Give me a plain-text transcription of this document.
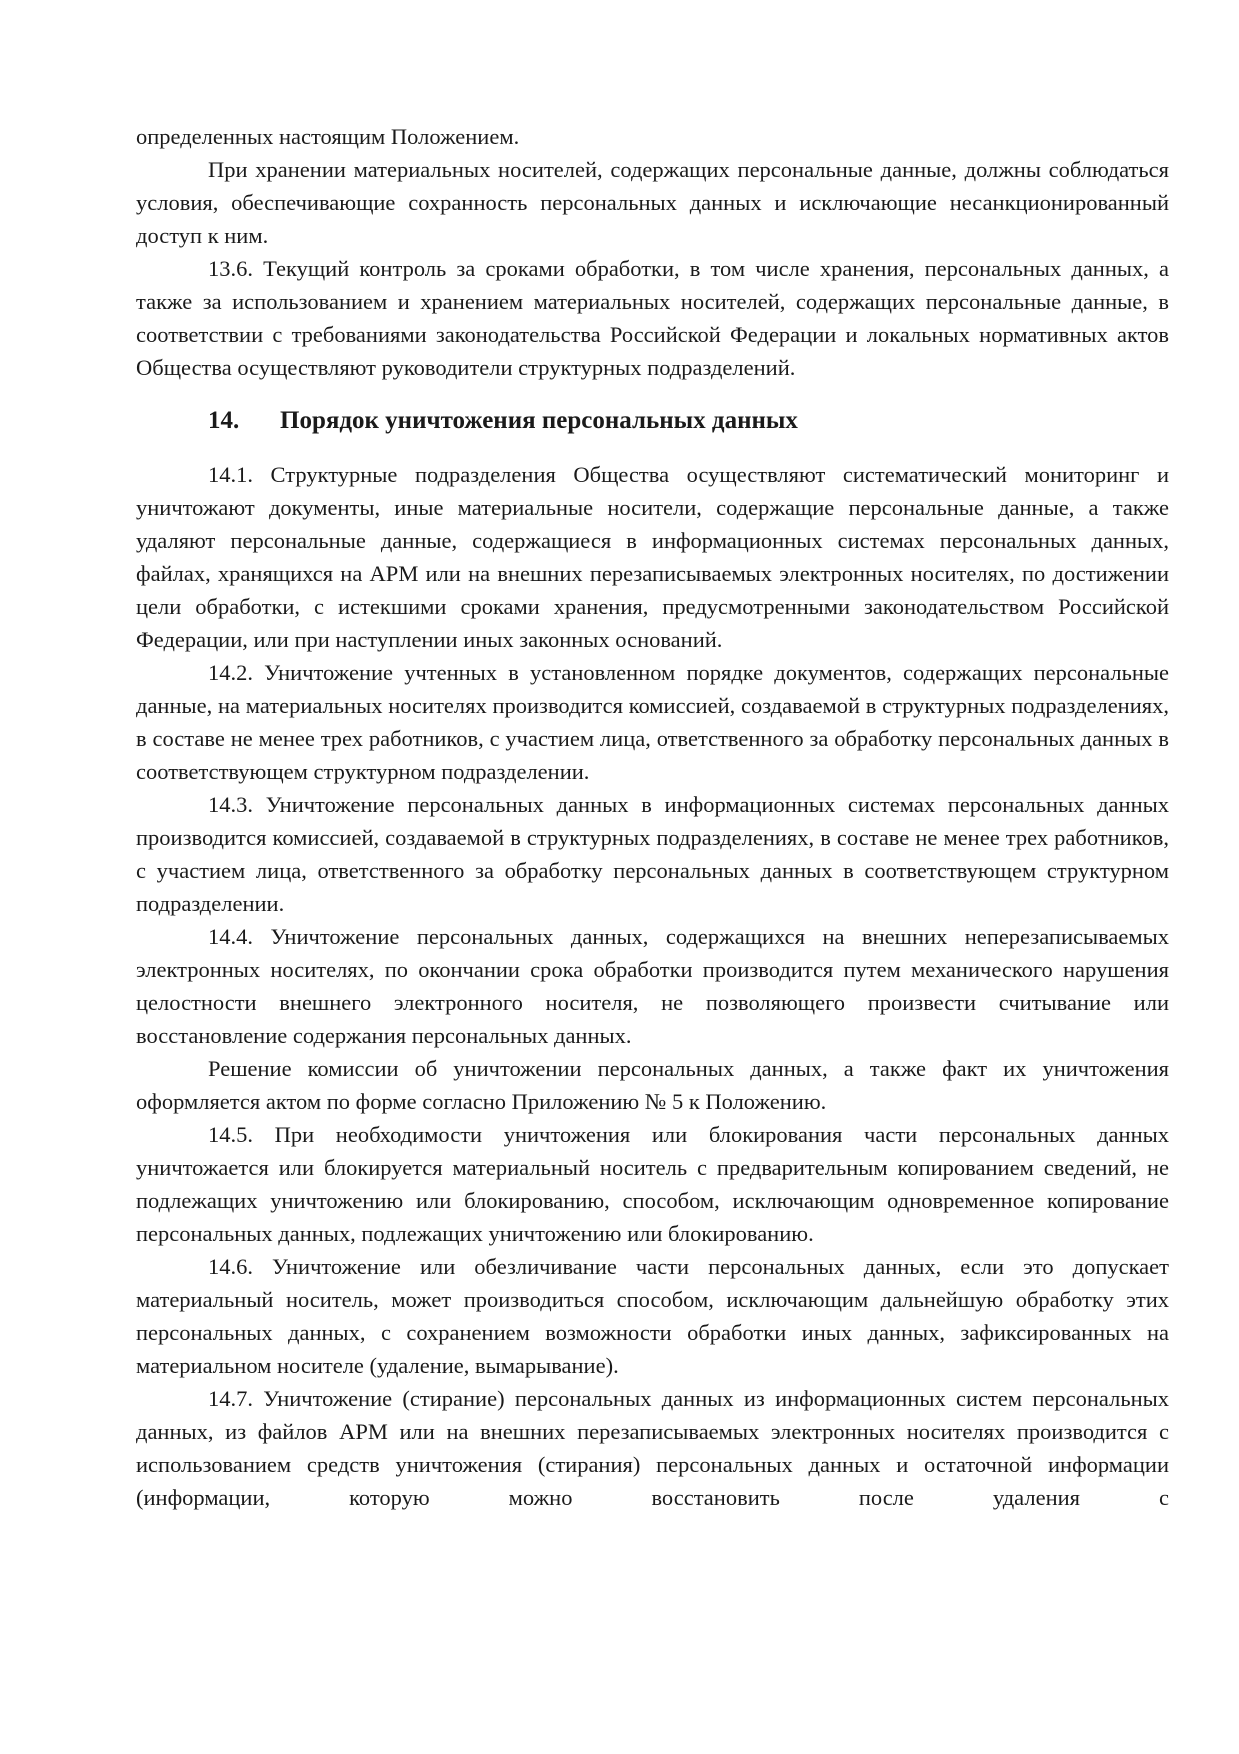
определенных настоящим Положением.

При хранении материальных носителей, содержащих персональные данные, должны соблюдаться условия, обеспечивающие сохранность персональных данных и исключающие несанкционированный доступ к ним.

13.6. Текущий контроль за сроками обработки, в том числе хранения, персональных данных, а также за использованием и хранением материальных носителей, содержащих персональные данные, в соответствии с требованиями законодательства Российской Федерации и локальных нормативных актов Общества осуществляют руководители структурных подразделений.

14.	Порядок уничтожения персональных данных

14.1. Структурные подразделения Общества осуществляют систематический мониторинг и уничтожают документы, иные материальные носители, содержащие персональные данные, а также удаляют персональные данные, содержащиеся в информационных системах персональных данных, файлах, хранящихся на АРМ или на внешних перезаписываемых электронных носителях, по достижении цели обработки, с истекшими сроками хранения, предусмотренными законодательством Российской Федерации, или при наступлении иных законных оснований.

14.2. Уничтожение учтенных в установленном порядке документов, содержащих персональные данные, на материальных носителях производится комиссией, создаваемой в структурных подразделениях, в составе не менее трех работников, с участием лица, ответственного за обработку персональных данных в соответствующем структурном подразделении.

14.3. Уничтожение персональных данных в информационных системах персональных данных производится комиссией, создаваемой в структурных подразделениях, в составе не менее трех работников, с участием лица, ответственного за обработку персональных данных в соответствующем структурном подразделении.

14.4. Уничтожение персональных данных, содержащихся на внешних неперезаписываемых электронных носителях, по окончании срока обработки производится путем механического нарушения целостности внешнего электронного носителя, не позволяющего произвести считывание или восстановление содержания персональных данных.

Решение комиссии об уничтожении персональных данных, а также факт их уничтожения оформляется актом по форме согласно Приложению № 5 к Положению.

14.5. При необходимости уничтожения или блокирования части персональных данных уничтожается или блокируется материальный носитель с предварительным копированием сведений, не подлежащих уничтожению или блокированию, способом, исключающим одновременное копирование персональных данных, подлежащих уничтожению или блокированию.

14.6. Уничтожение или обезличивание части персональных данных, если это допускает материальный носитель, может производиться способом, исключающим дальнейшую обработку этих персональных данных, с сохранением возможности обработки иных данных, зафиксированных на материальном носителе (удаление, вымарывание).

14.7. Уничтожение (стирание) персональных данных из информационных систем персональных данных, из файлов АРМ или на внешних перезаписываемых электронных носителях производится с использованием средств уничтожения (стирания) персональных данных и остаточной информации (информации, которую можно восстановить после удаления с
